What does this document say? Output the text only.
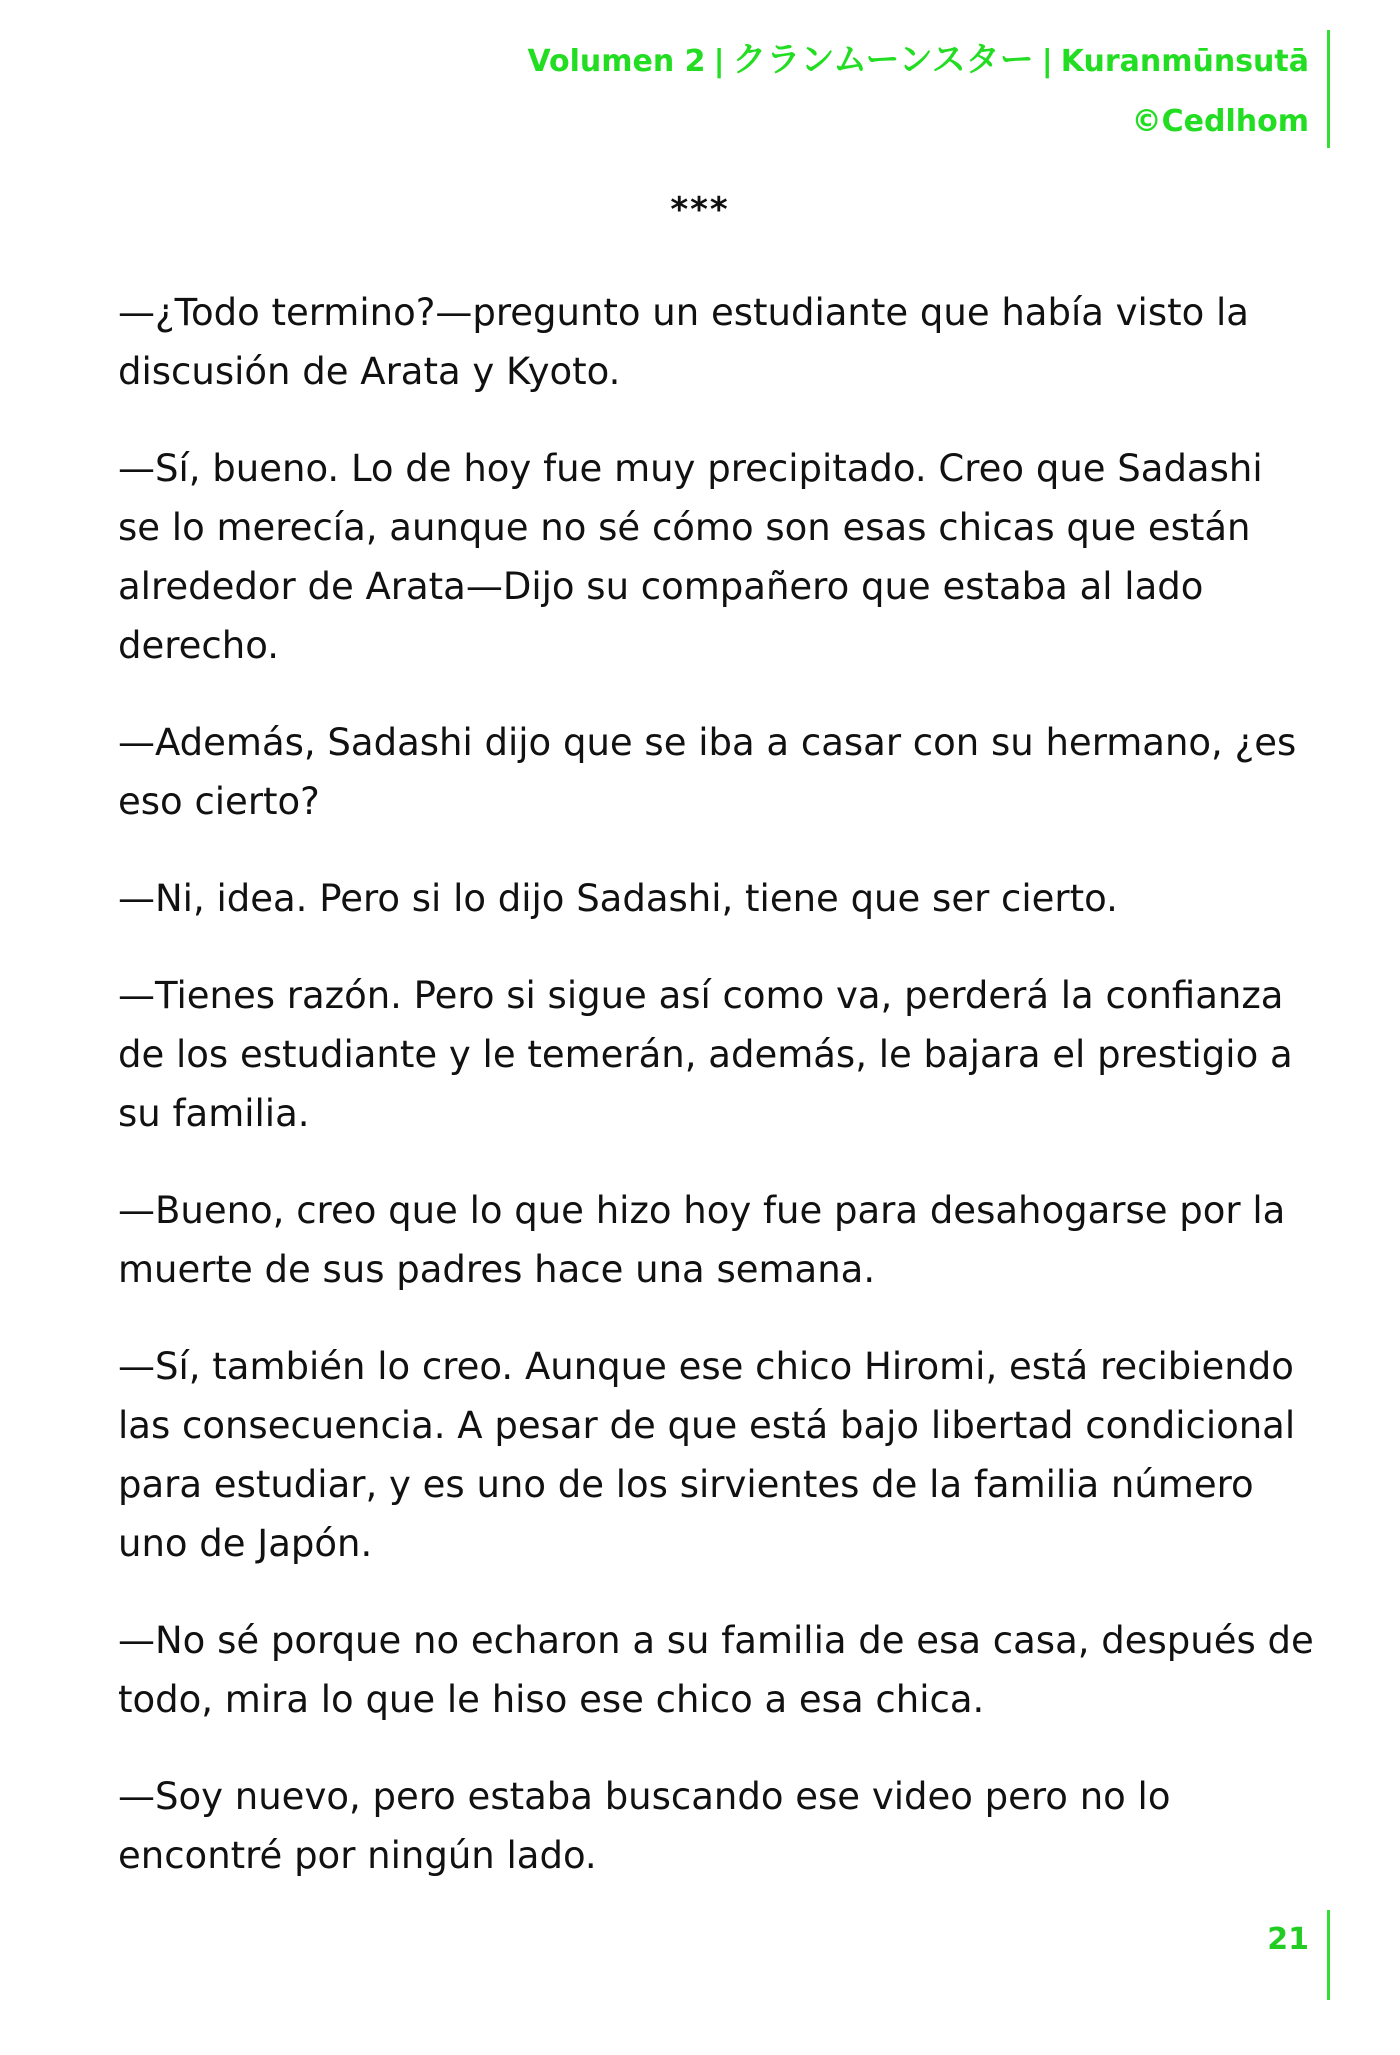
Volumen 2 | クランムーンスター | Kuranmūnsutā
©Cedlhom
***

—¿Todo termino?—pregunto un estudiante que había visto la
discusión de Arata y Kyoto.

—Sí, bueno. Lo de hoy fue muy precipitado. Creo que Sadashi
se lo merecía, aunque no sé cómo son esas chicas que están
alrededor de Arata—Dijo su compañero que estaba al lado
derecho.

—Además, Sadashi dijo que se iba a casar con su hermano, ¿es
eso cierto?

—Ni, idea. Pero si lo dijo Sadashi, tiene que ser cierto.

—Tienes razón. Pero si sigue así como va, perderá la confianza
de los estudiante y le temerán, además, le bajara el prestigio a
su familia.

—Bueno, creo que lo que hizo hoy fue para desahogarse por la
muerte de sus padres hace una semana.

—Sí, también lo creo. Aunque ese chico Hiromi, está recibiendo
las consecuencia. A pesar de que está bajo libertad condicional
para estudiar, y es uno de los sirvientes de la familia número
uno de Japón.

—No sé porque no echaron a su familia de esa casa, después de
todo, mira lo que le hiso ese chico a esa chica.

—Soy nuevo, pero estaba buscando ese video pero no lo
encontré por ningún lado.

21
